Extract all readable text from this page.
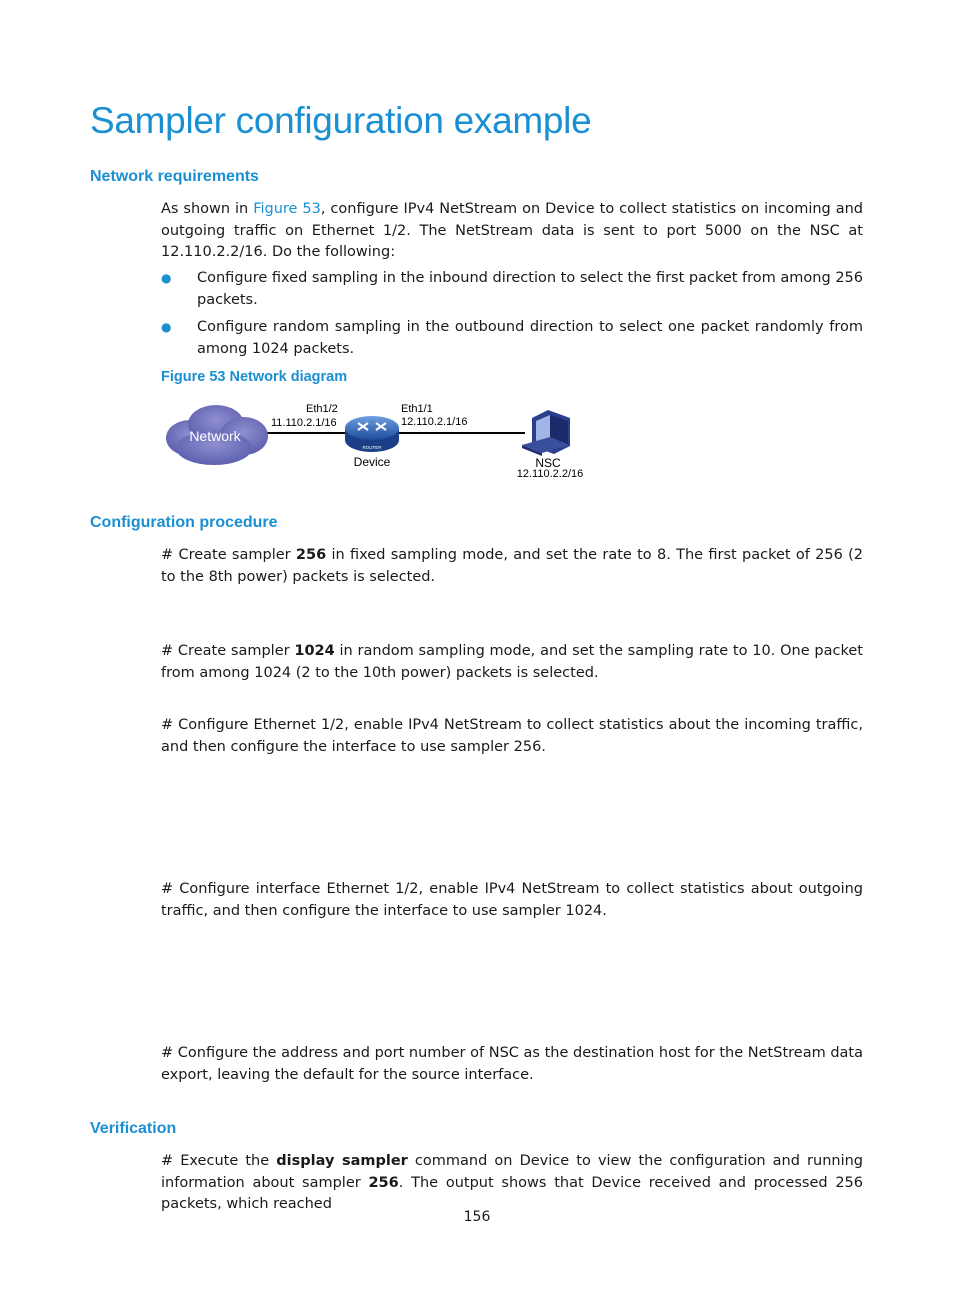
Sampler configuration example
Network requirements

As shown in Figure 53, configure IPv4 NetStream on Device to collect statistics on incoming and outgoing traffic on Ethernet 1/2. The NetStream data is sent to port 5000 on the NSC at 12.110.2.2/16. Do the following:

● Configure fixed sampling in the inbound direction to select the first packet from among 256 packets.
● Configure random sampling in the outbound direction to select one packet randomly from among 1024 packets.
Figure 53 Network diagram
Network
ROUTER
Eth1/2
11.110.2.1/16
Eth1/1
12.110.2.1/16
Device	NSC
12.110.2.2/16
Configuration procedure

# Create sampler 256 in fixed sampling mode, and set the rate to 8. The first packet of 256 (2 to the 8th power) packets is selected.

# Create sampler 1024 in random sampling mode, and set the sampling rate to 10. One packet from among 1024 (2 to the 10th power) packets is selected.

# Configure Ethernet 1/2, enable IPv4 NetStream to collect statistics about the incoming traffic, and then configure the interface to use sampler 256.

# Configure interface Ethernet 1/2, enable IPv4 NetStream to collect statistics about outgoing traffic, and then configure the interface to use sampler 1024.

# Configure the address and port number of NSC as the destination host for the NetStream data export, leaving the default for the source interface.

Verification

# Execute the display sampler command on Device to view the configuration and running information about sampler 256. The output shows that Device received and processed 256 packets, which reached

156
